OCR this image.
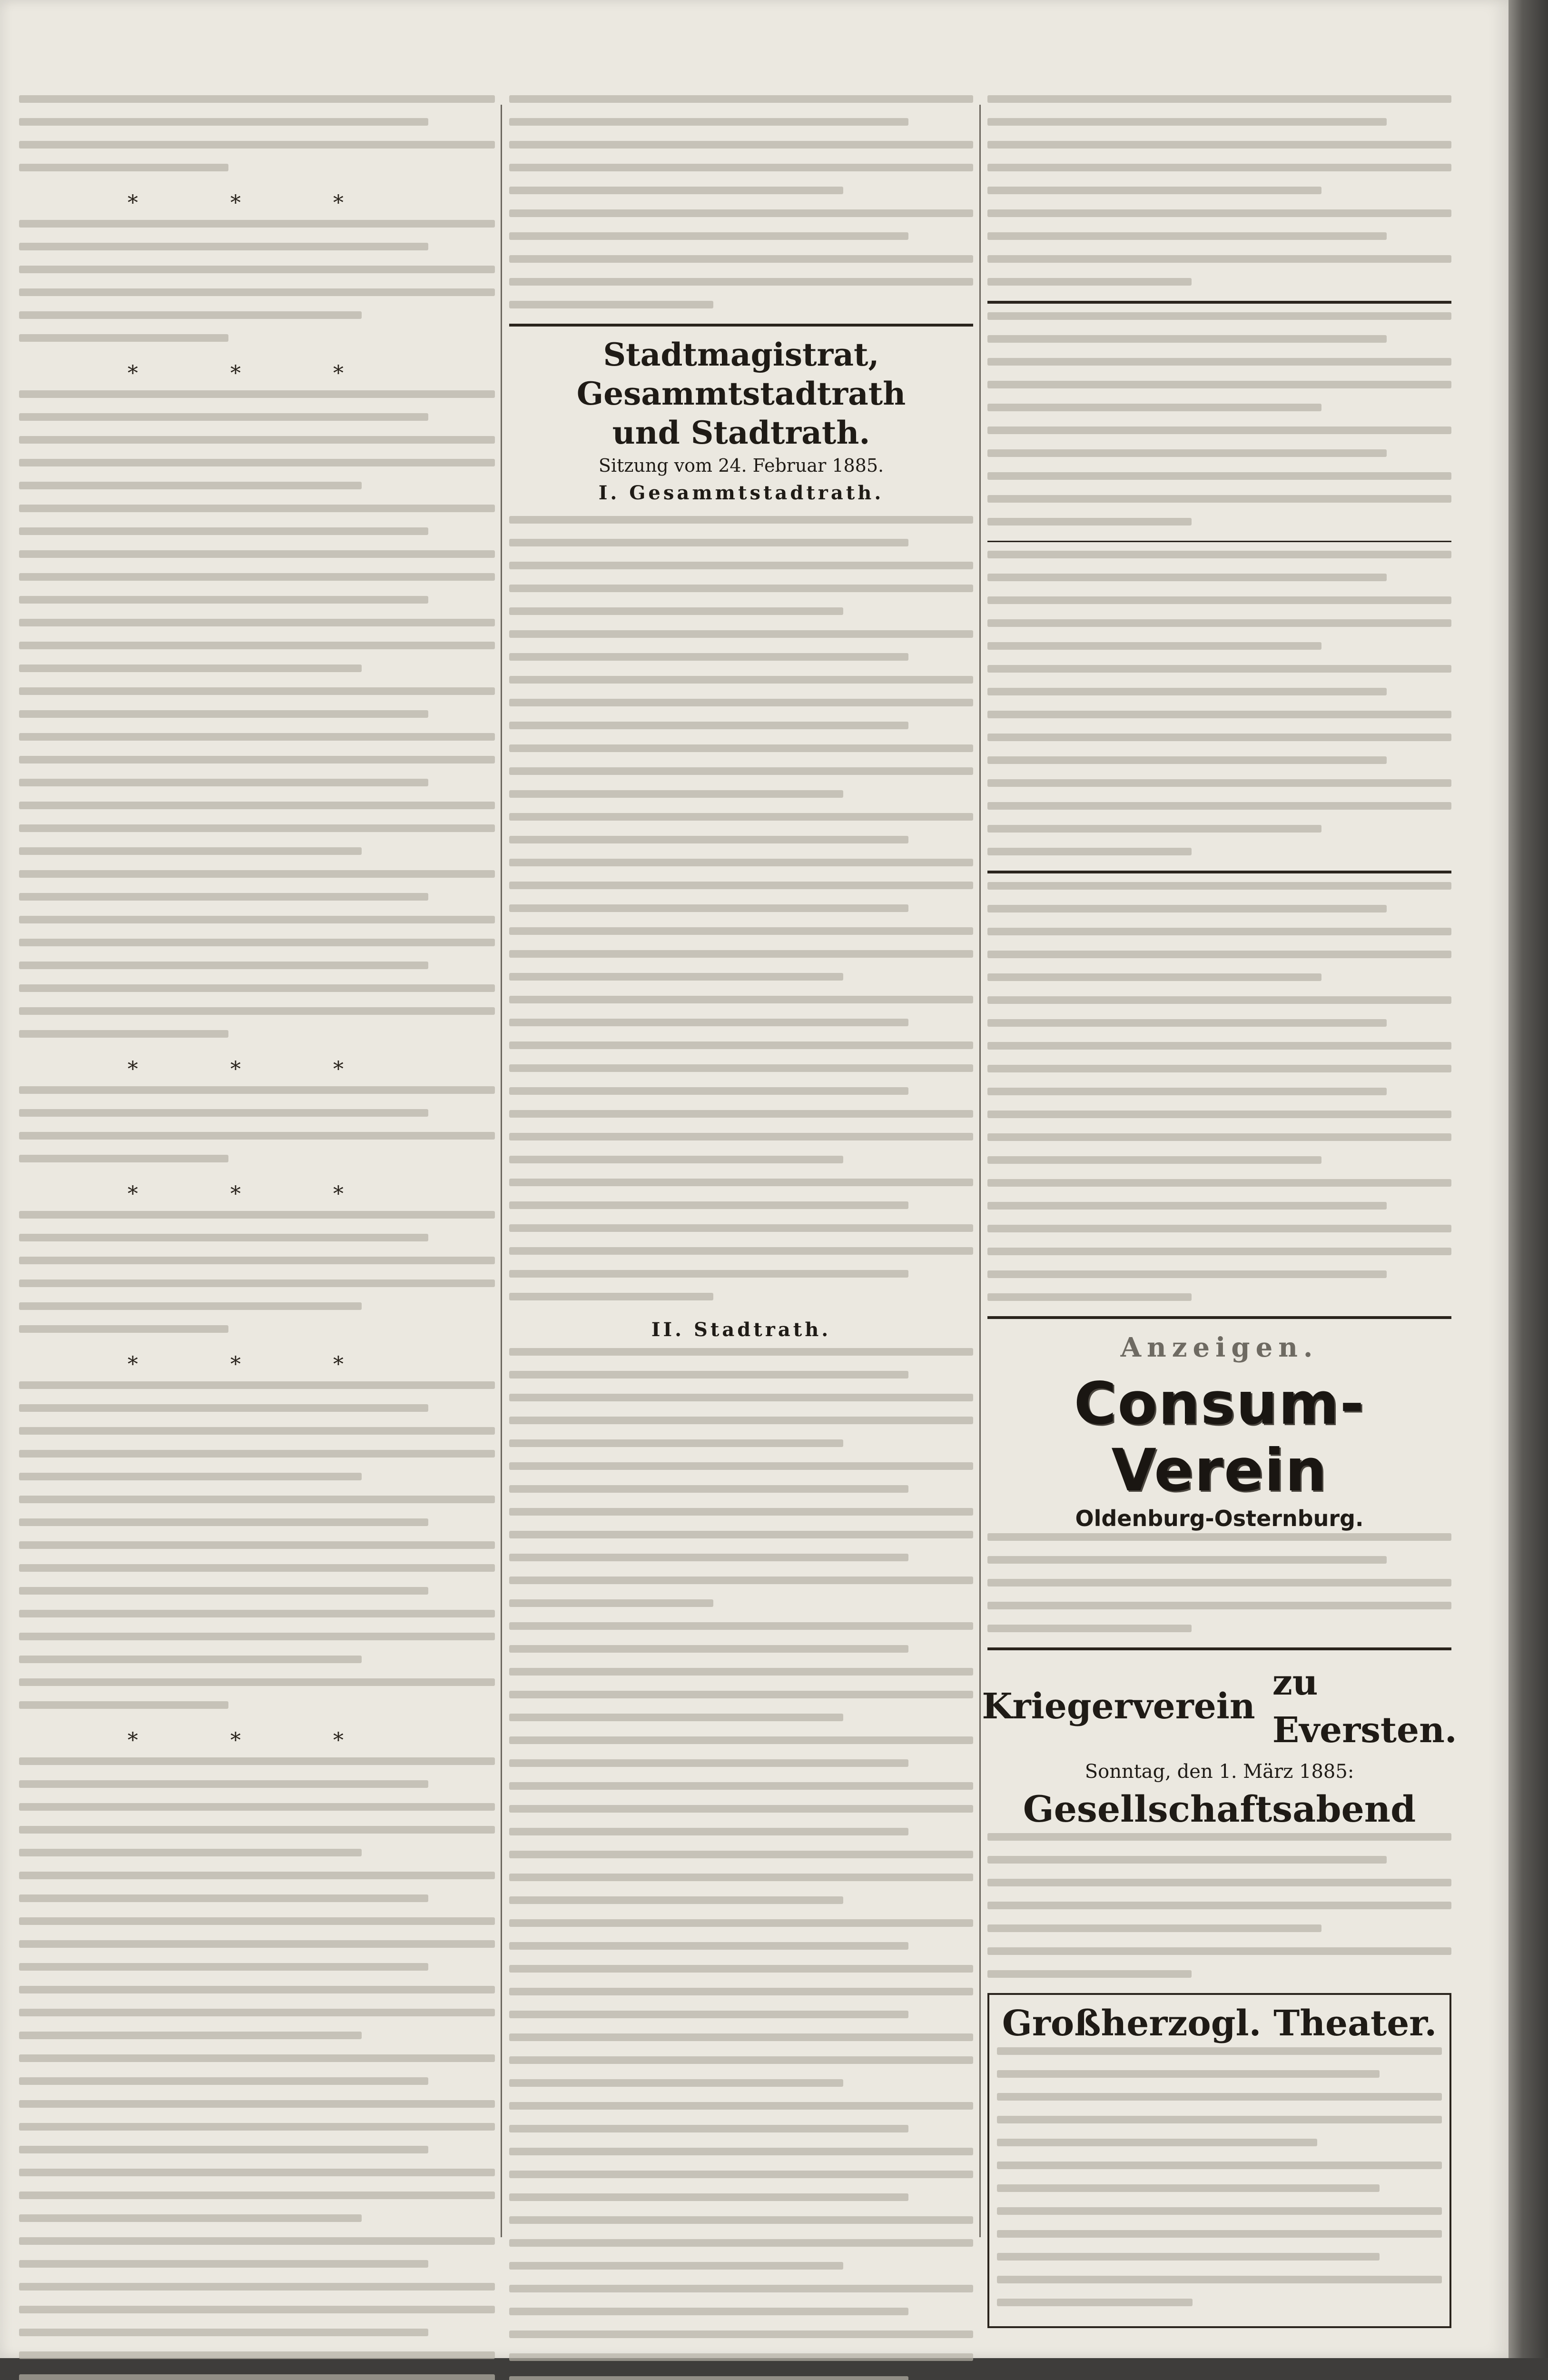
* * *
* * *
* * *
* * *
* * *
* * *
Stadtmagistrat, Gesammtstadtrath
und Stadtrath.
Sitzung vom 24. Februar 1885.
I. Gesammtstadtrath.
II. Stadtrath.
Anzeigen.
Consum-Verein
Oldenburg-Osternburg.
Kriegerverein
zu Eversten.
Sonntag, den 1. März 1885:
Gesellschaftsabend
Großherzogl. Theater.
